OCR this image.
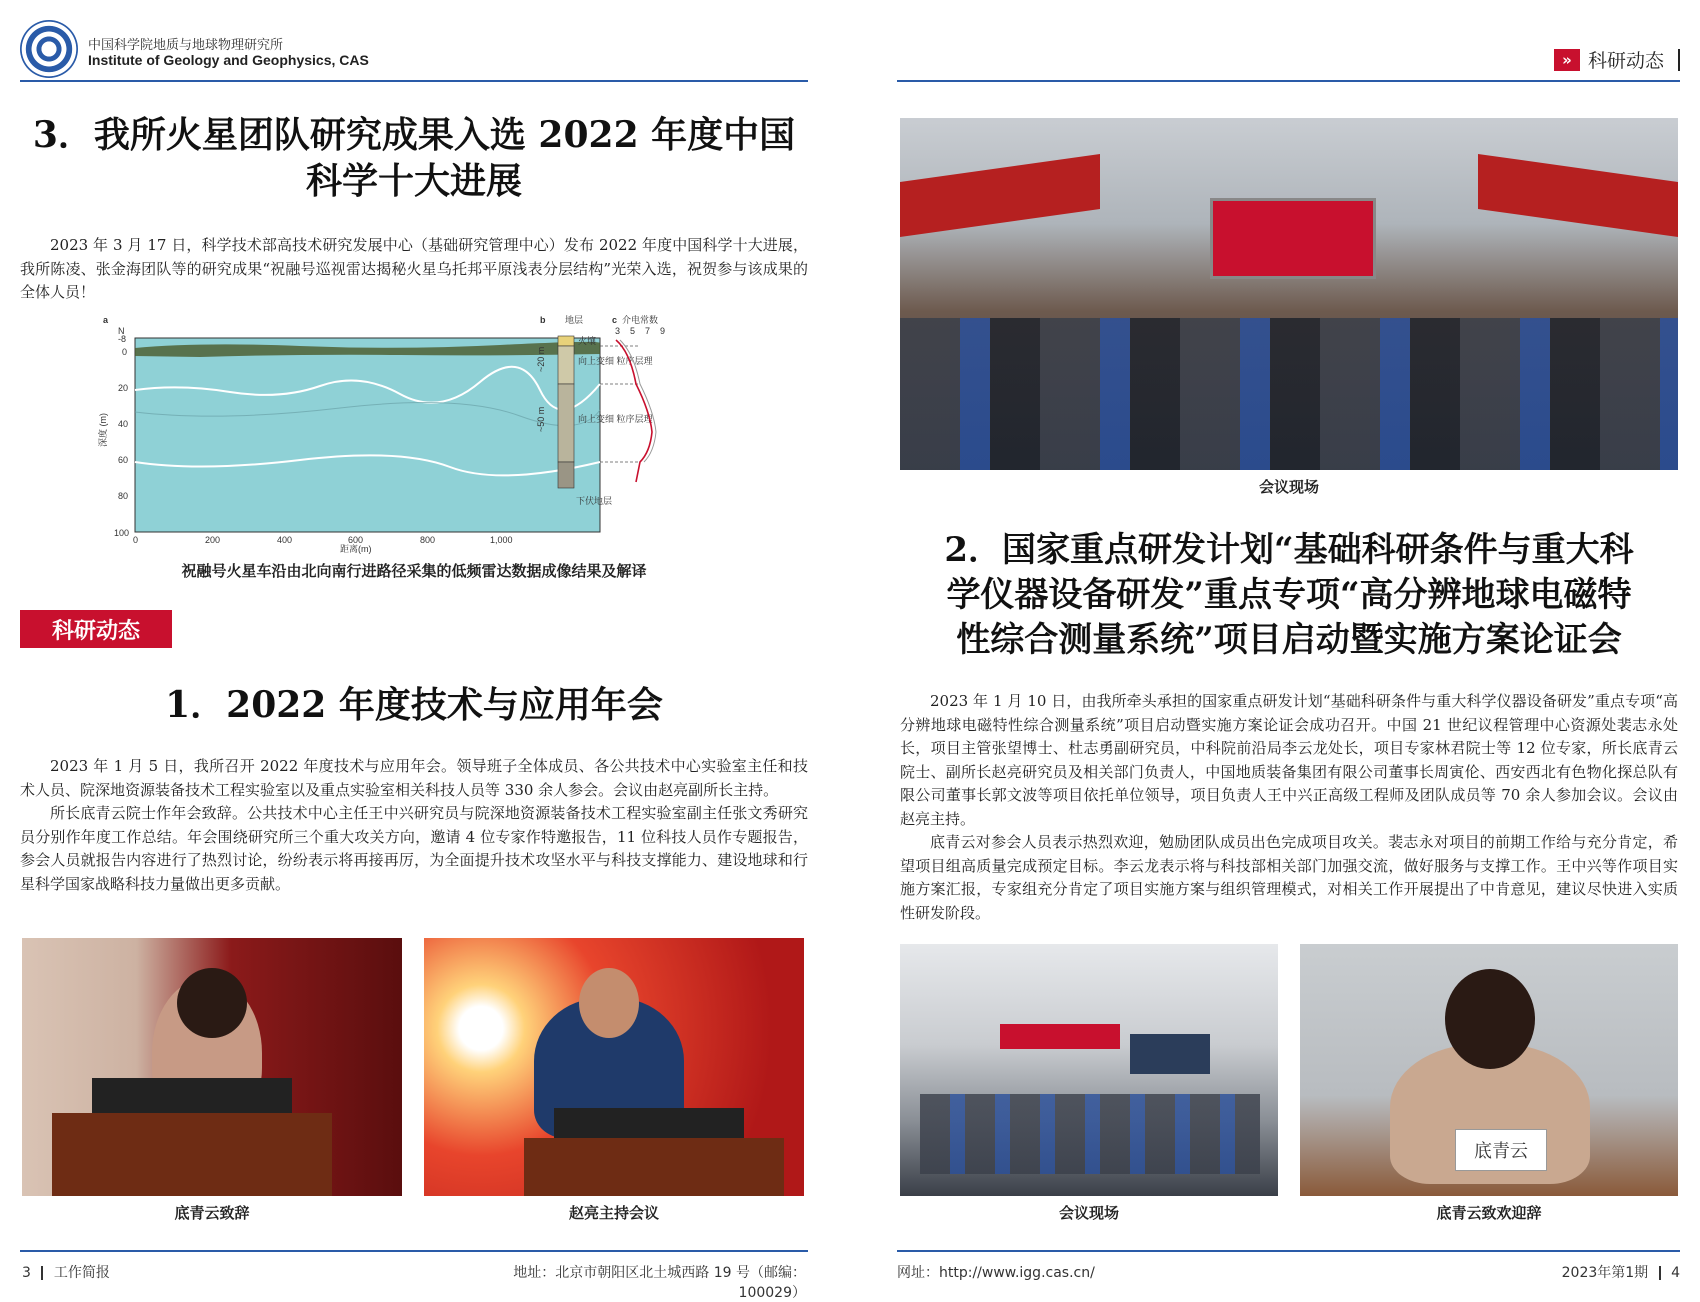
中国科学院地质与地球物理研究所
Institute of Geology and Geophysics, CAS	» 科研动态
3．我所火星团队研究成果入选 2022 年度中国
科学十大进展

2023 年 3 月 17 日，科学技术部高技术研究发展中心（基础研究管理中心）发布 2022 年度中国科学十大进展，我所陈凌、张金海团队等的研究成果“祝融号巡视雷达揭秘火星乌托邦平原浅表分层结构”光荣入选，祝贺参与该成果的全体人员！

a
N
深度 (m)
-8
0
20
40
60
80
100
0	200	400	600	800	1,000
距离(m)
b 地层
火壤
向上变细 粒序层理
向上变细 粒序层理
下伏地层
~20 m
~50 m
c 介电常数
3 5 7 9
祝融号火星车沿由北向南行进路径采集的低频雷达数据成像结果及解译
科研动态
1．2022 年度技术与应用年会

2023 年 1 月 5 日，我所召开 2022 年度技术与应用年会。领导班子全体成员、各公共技术中心实验室主任和技术人员、院深地资源装备技术工程实验室以及重点实验室相关科技人员等 330 余人参会。会议由赵亮副所长主持。

所长底青云院士作年会致辞。公共技术中心主任王中兴研究员与院深地资源装备技术工程实验室副主任张文秀研究员分别作年度工作总结。年会围绕研究所三个重大攻关方向，邀请 4 位专家作特邀报告，11 位科技人员作专题报告，参会人员就报告内容进行了热烈讨论，纷纷表示将再接再厉，为全面提升技术攻坚水平与科技支撑能力、建设地球和行星科学国家战略科技力量做出更多贡献。

底青云致辞	赵亮主持会议
会议现场
2．国家重点研发计划“基础科研条件与重大科
学仪器设备研发”重点专项“高分辨地球电磁特
性综合测量系统”项目启动暨实施方案论证会

2023 年 1 月 10 日，由我所牵头承担的国家重点研发计划“基础科研条件与重大科学仪器设备研发”重点专项“高分辨地球电磁特性综合测量系统”项目启动暨实施方案论证会成功召开。中国 21 世纪议程管理中心资源处裴志永处长，项目主管张望博士、杜志勇副研究员，中科院前沿局李云龙处长，项目专家林君院士等 12 位专家，所长底青云院士、副所长赵亮研究员及相关部门负责人，中国地质装备集团有限公司董事长周寅伦、西安西北有色物化探总队有限公司董事长郭文波等项目依托单位领导，项目负责人王中兴正高级工程师及团队成员等 70 余人参加会议。会议由赵亮主持。

底青云对参会人员表示热烈欢迎，勉励团队成员出色完成项目攻关。裴志永对项目的前期工作给与充分肯定，希望项目组高质量完成预定目标。李云龙表示将与科技部相关部门加强交流，做好服务与支撑工作。王中兴等作项目实施方案汇报，专家组充分肯定了项目实施方案与组织管理模式，对相关工作开展提出了中肯意见，建议尽快进入实质性研发阶段。

底青云
会议现场	底青云致欢迎辞
3 工作简报	地址：北京市朝阳区北土城西路 19 号（邮编：100029）
网址：http://www.igg.cas.cn/	2023年第1期 4
